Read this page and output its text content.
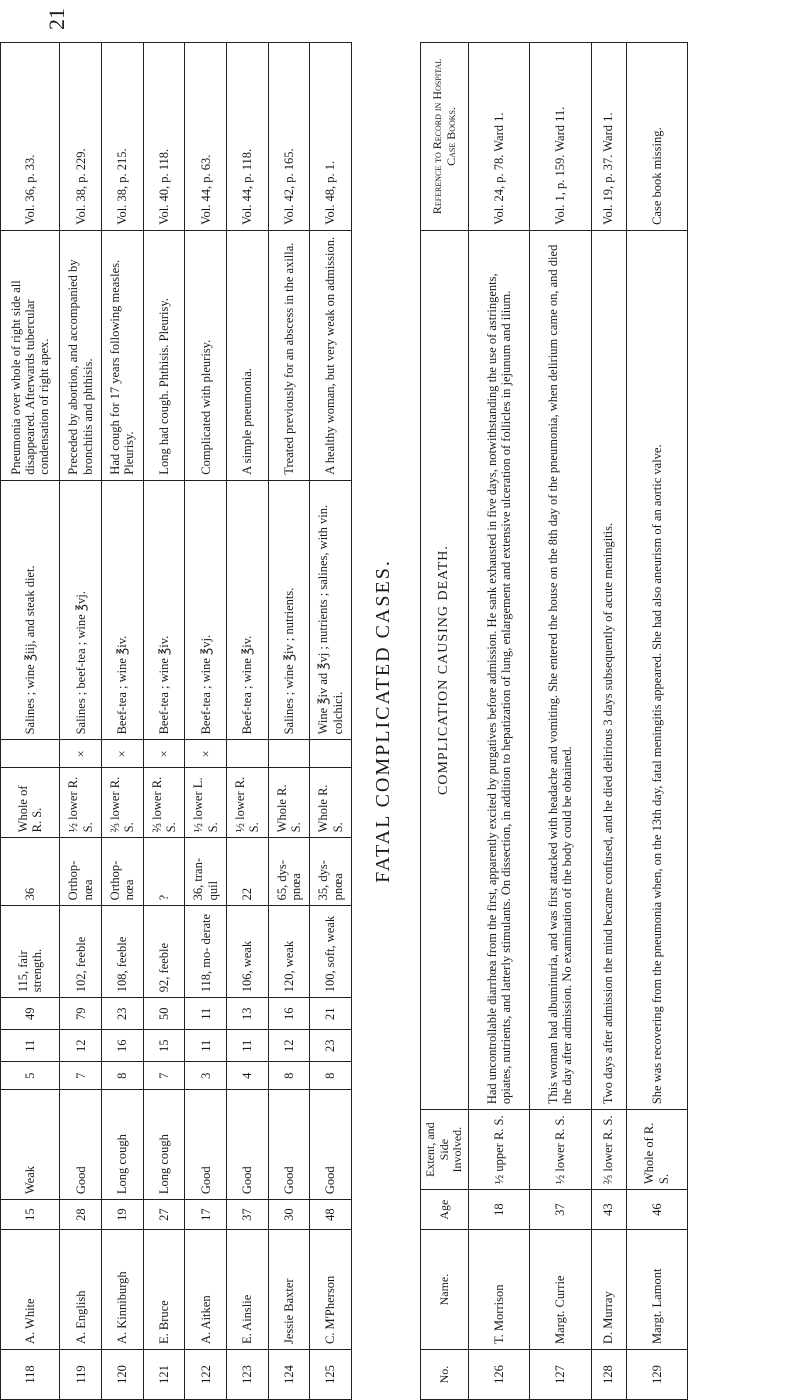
21
118	A. White	15	Weak	5	11	49	115, fair strength.	36	Whole of R. S.		Salines ; wine ℥iij, and steak diet.	Pneumonia over whole of right side all disappeared. Afterwards tubercular condensation of right apex.	Vol. 36, p. 33.
119	A. English	28	Good	7	12	79	102, feeble	Orthop- nœa	½ lower R. S.	×	Salines ; beef-tea ; wine ℥vj.	Preceded by abortion, and accompanied by bronchitis and phthisis.	Vol. 38, p. 229.
120	A. Kinniburgh	19	Long cough	8	16	23	108, feeble	Orthop- nœa	⅔ lower R. S.	×	Beef-tea ; wine ℥iv.	Had cough for 17 years following measles. Pleurisy.	Vol. 38, p. 215.
121	E. Bruce	27	Long cough	7	15	50	92, feeble	?	⅔ lower R. S.	×	Beef-tea ; wine ℥iv.	Long had cough. Phthisis. Pleurisy.	Vol. 40, p. 118.
122	A. Aitken	17	Good	3	11	11	118, mo- derate	36, tran- quil	½ lower L. S.	×	Beef-tea ; wine ℥vj.	Complicated with pleurisy.	Vol. 44, p. 63.
123	E. Ainslie	37	Good	4	11	13	106, weak	22	½ lower R. S.		Beef-tea ; wine ℥iv.	A simple pneumonia.	Vol. 44, p. 118.
124	Jessie Baxter	30	Good	8	12	16	120, weak	65, dys- pnœa	Whole R. S.		Salines ; wine ℥iv ; nutrients.	Treated previously for an abscess in the axilla.	Vol. 42, p. 165.
125	C. M'Pherson	48	Good	8	23	21	100, soft, weak	35, dys- pnœa	Whole R. S.		Wine ℥iv ad ℥vj ; nutrients ; salines, with vin. colchici.	A healthy woman, but very weak on admission.	Vol. 48, p. 1.
FATAL COMPLICATED CASES.
No.	Name.	Age	Extent, and Side Involved.	COMPLICATION CAUSING DEATH.	Reference to Record in Hospital Case Books.
126	T. Morrison	18	½ upper R. S.	Had uncontrollable diarrhœa from the first, apparently excited by purgatives before admission. He sank exhausted in five days, notwithstanding the use of astringents, opiates, nutrients, and latterly stimulants. On dissection, in addition to hepatization of lung, enlargement and extensive ulceration of follicles in jejunum and ilium.	Vol. 24, p. 78. Ward 1.
127	Margt. Currie	37	½ lower R. S.	This woman had albuminuria, and was first attacked with headache and vomiting. She entered the house on the 8th day of the pneumonia, when delirium came on, and died the day after admission. No examination of the body could be obtained.	Vol. 1, p. 159. Ward 11.
128	D. Murray	43	⅔ lower R. S.	Two days after admission the mind became confused, and he died delirious 3 days subsequently of acute meningitis.	Vol. 19, p. 37. Ward 1.
129	Margt. Lamont	46	Whole of R. S.	She was recovering from the pneumonia when, on the 13th day, fatal meningitis appeared. She had also aneurism of an aortic valve.	Case book missing.
